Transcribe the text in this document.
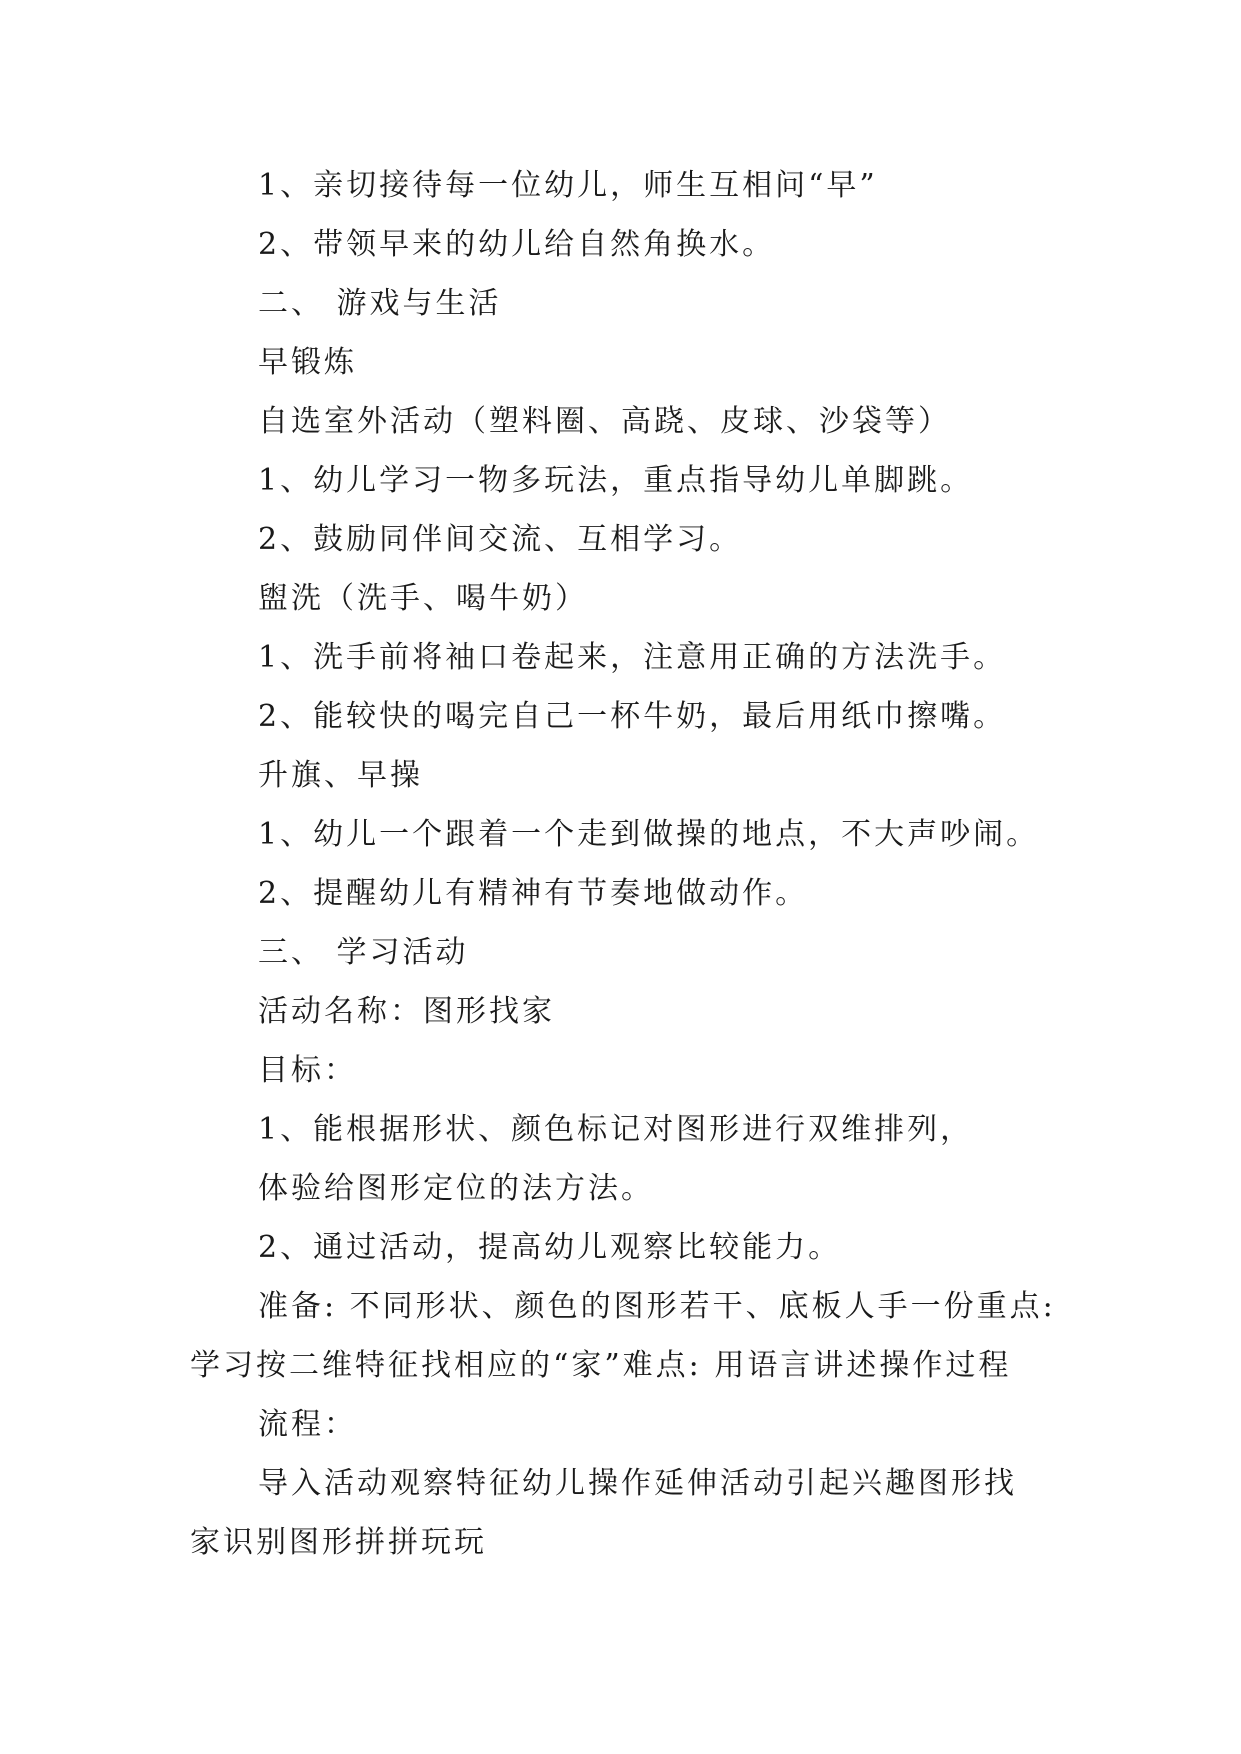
1、亲切接待每一位幼儿，师生互相问“早”
2、带领早来的幼儿给自然角换水。
二、 游戏与生活
早锻炼
自选室外活动（塑料圈、高跷、皮球、沙袋等）
1、幼儿学习一物多玩法，重点指导幼儿单脚跳。
2、鼓励同伴间交流、互相学习。
盥洗（洗手、喝牛奶）
1、洗手前将袖口卷起来，注意用正确的方法洗手。
2、能较快的喝完自己一杯牛奶，最后用纸巾擦嘴。
升旗、早操
1、幼儿一个跟着一个走到做操的地点，不大声吵闹。
2、提醒幼儿有精神有节奏地做动作。
三、 学习活动
活动名称：图形找家
目标：
1、能根据形状、颜色标记对图形进行双维排列，
体验给图形定位的法方法。
2、通过活动，提高幼儿观察比较能力。
准备: 不同形状、颜色的图形若干、底板人手一份重点:
学习按二维特征找相应的“家”难点: 用语言讲述操作过程
流程：
导入活动观察特征幼儿操作延伸活动引起兴趣图形找
家识别图形拼拼玩玩
